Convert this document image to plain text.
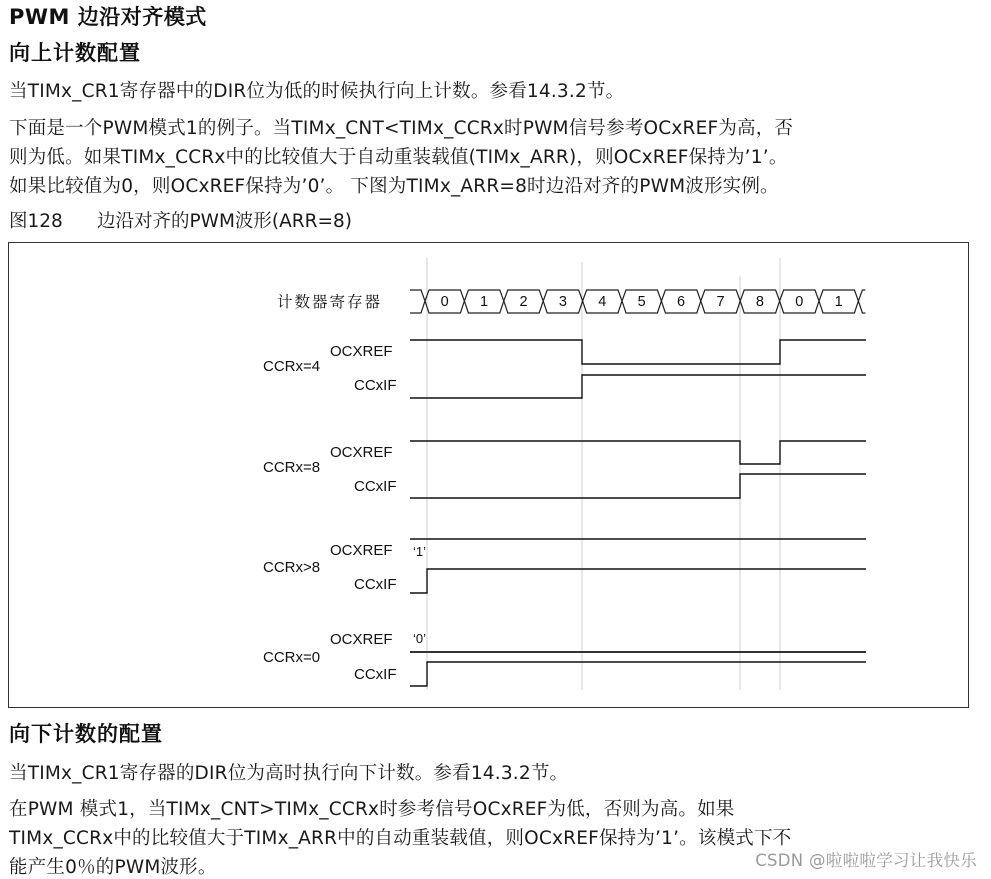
PWM 边沿对齐模式
向上计数配置
当TIMx_CR1寄存器中的DIR位为低的时候执行向上计数。参看14.3.2节。
下面是一个PWM模式1的例子。当TIMx_CNT<TIMx_CCRx时PWM信号参考OCxREF为高，否
则为低。如果TIMx_CCRx中的比较值大于自动重装载值(TIMx_ARR)，则OCxREF保持为’1’。
如果比较值为0，则OCxREF保持为’0’。 下图为TIMx_ARR=8时边沿对齐的PWM波形实例。
图128 边沿对齐的PWM波形(ARR=8)
计数器寄存器	0 1 2 3 4 5 6 7 8 0 1
CCRx=4
OCXREF
CCxIF
CCRx=8
OCXREF
CCxIF
CCRx>8
OCXREF
CCxIF
‘1’
CCRx=0
OCXREF
CCxIF
‘0’
向下计数的配置
当TIMx_CR1寄存器的DIR位为高时执行向下计数。参看14.3.2节。
在PWM 模式1，当TIMx_CNT>TIMx_CCRx时参考信号OCxREF为低，否则为高。如果
TIMx_CCRx中的比较值大于TIMx_ARR中的自动重装载值，则OCxREF保持为’1’。该模式下不
能产生0％的PWM波形。	CSDN @啦啦啦学习让我快乐
